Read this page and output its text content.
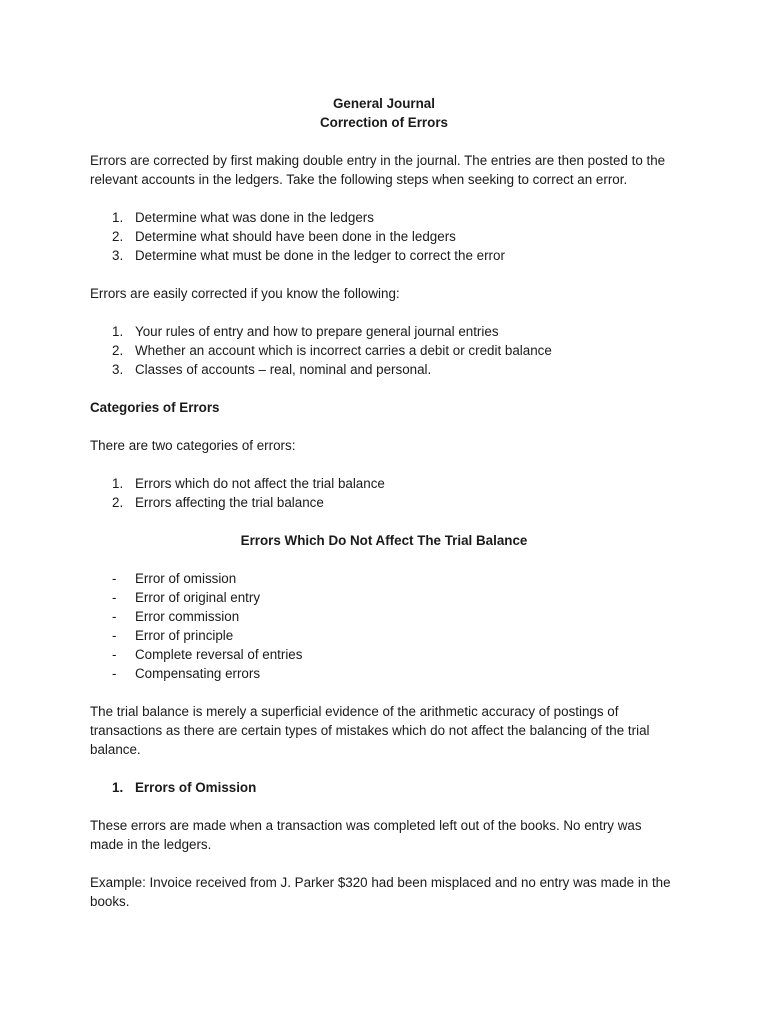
General Journal

Correction of Errors

Errors are corrected by first making double entry in the journal. The entries are then posted to the relevant accounts in the ledgers. Take the following steps when seeking to correct an error.

1. Determine what was done in the ledgers
2. Determine what should have been done in the ledgers
3. Determine what must be done in the ledger to correct the error

Errors are easily corrected if you know the following:

1. Your rules of entry and how to prepare general journal entries
2. Whether an account which is incorrect carries a debit or credit balance
3. Classes of accounts – real, nominal and personal.

Categories of Errors

There are two categories of errors:

1. Errors which do not affect the trial balance
2. Errors affecting the trial balance

Errors Which Do Not Affect The Trial Balance

- Error of omission
- Error of original entry
- Error commission
- Error of principle
- Complete reversal of entries
- Compensating errors

The trial balance is merely a superficial evidence of the arithmetic accuracy of postings of transactions as there are certain types of mistakes which do not affect the balancing of the trial balance.

1. Errors of Omission

These errors are made when a transaction was completed left out of the books. No entry was made in the ledgers.

Example: Invoice received from J. Parker $320 had been misplaced and no entry was made in the books.
